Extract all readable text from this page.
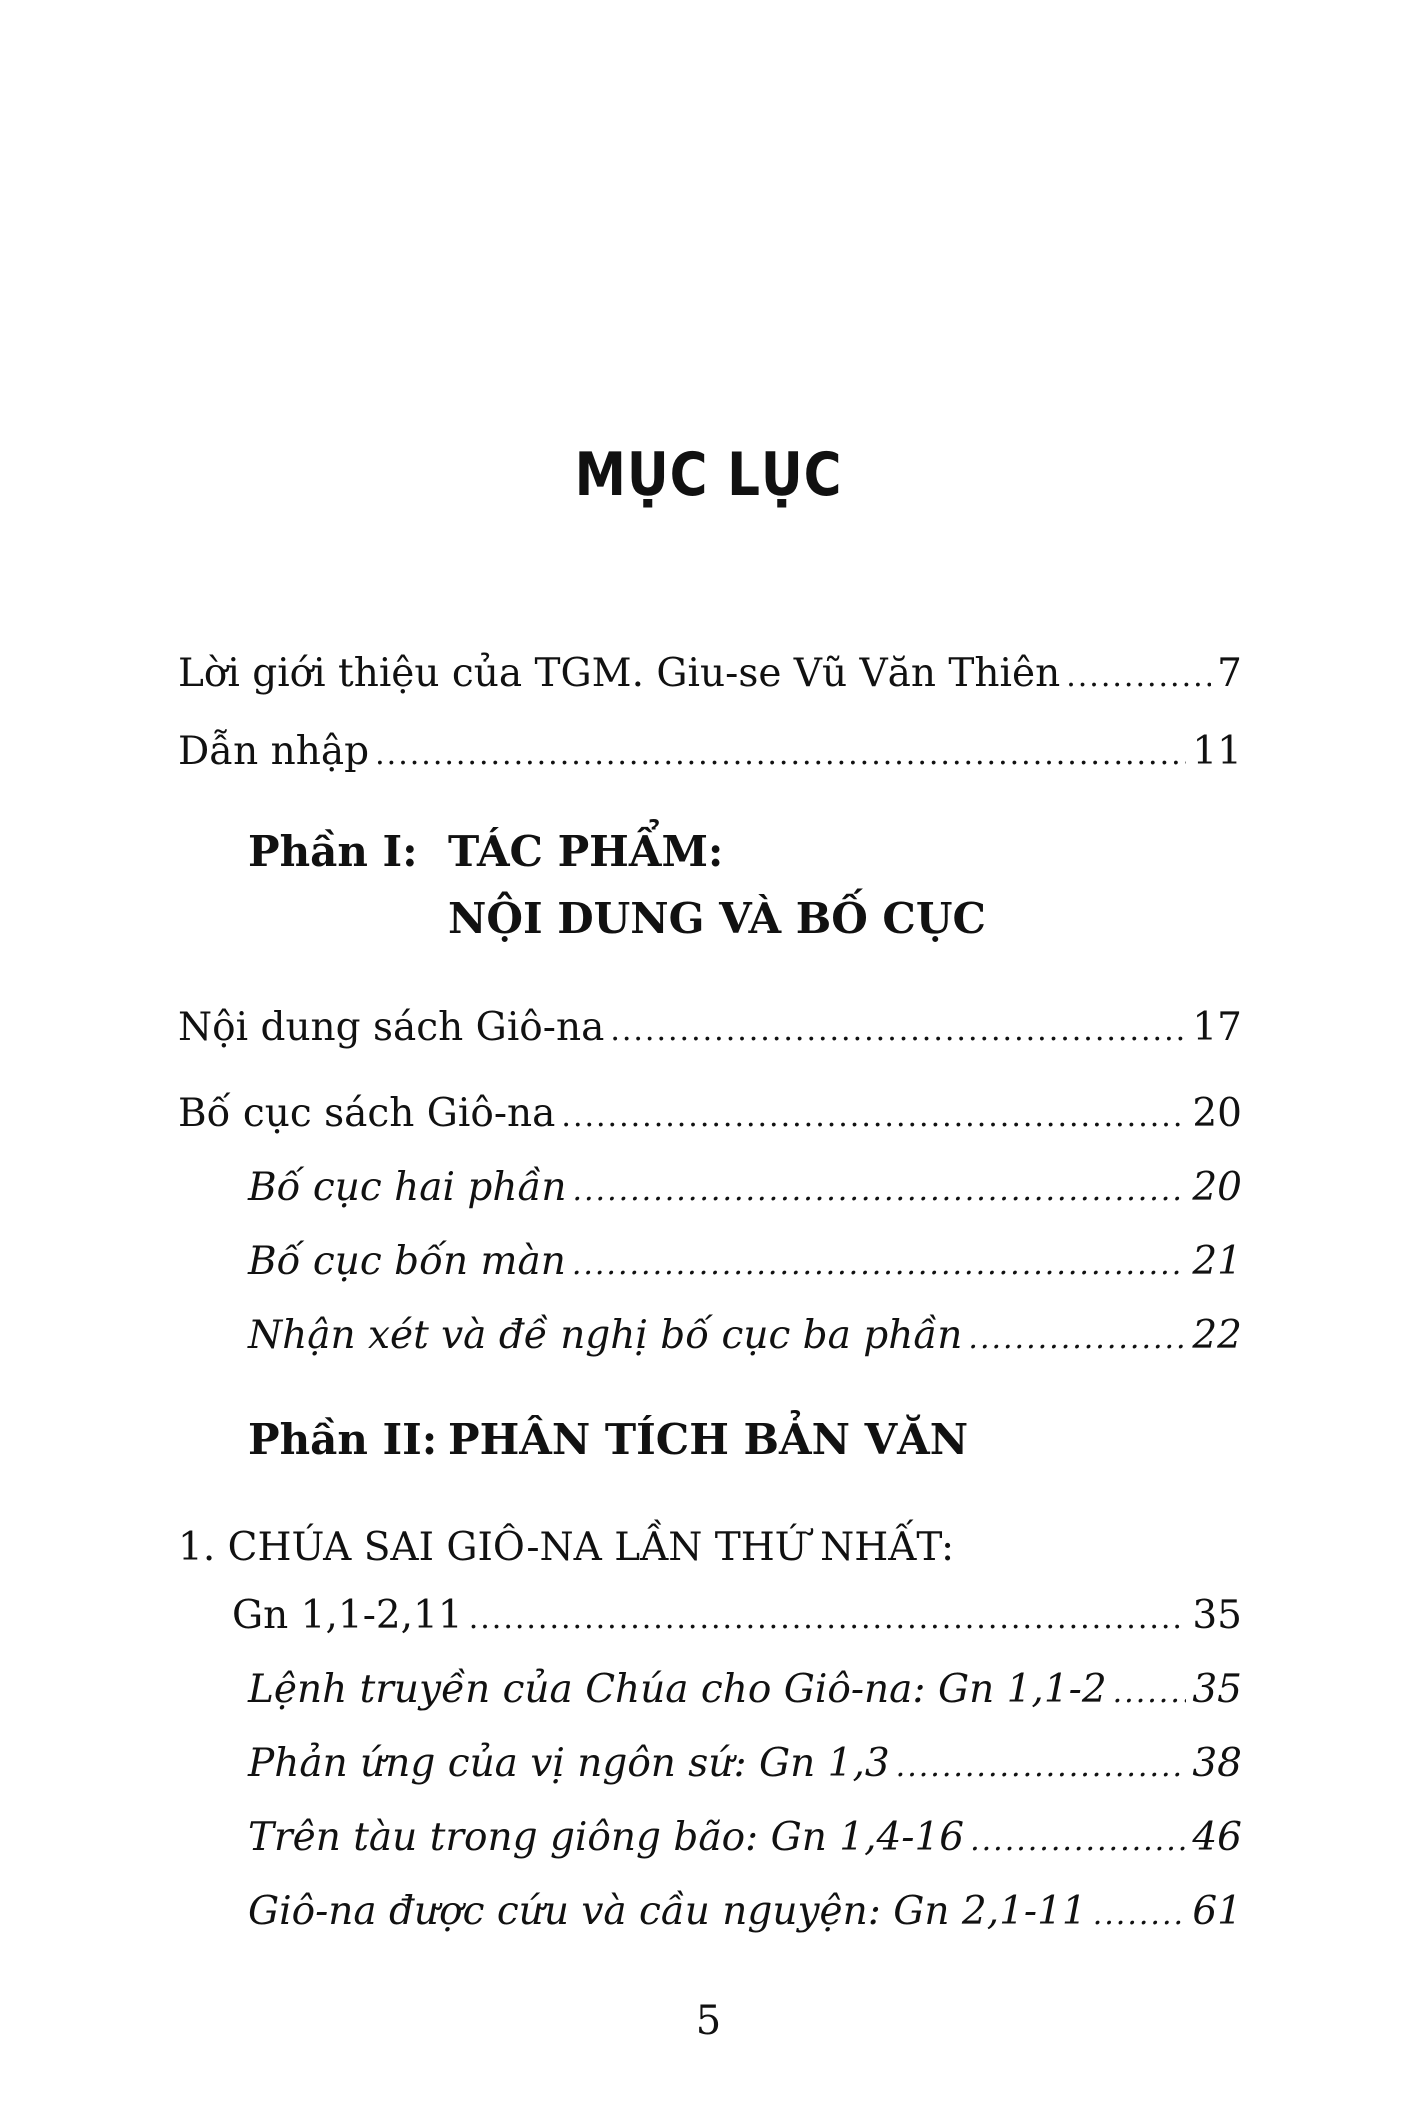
MỤC LỤC
Lời giới thiệu của TGM. Giu-se Vũ Văn Thiên .....	7
Dẫn nhập .....	11
Phần I: TÁC PHẨM:
NỘI DUNG VÀ BỐ CỤC
Nội dung sách Giô-na .....	17
Bố cục sách Giô-na .....	20
Bố cục hai phần .....	20
Bố cục bốn màn .....	21
Nhận xét và đề nghị bố cục ba phần .....	22
Phần II: PHÂN TÍCH BẢN VĂN
1. CHÚA SAI GIÔ-NA LẦN THỨ NHẤT:
Gn 1,1-2,11 .....	35
Lệnh truyền của Chúa cho Giô-na: Gn 1,1-2 ..... 35
Phản ứng của vị ngôn sứ: Gn 1,3 .....	38
Trên tàu trong giông bão: Gn 1,4-16 .....	46
Giô-na được cứu và cầu nguyện: Gn 2,1-11 .....	61
5
